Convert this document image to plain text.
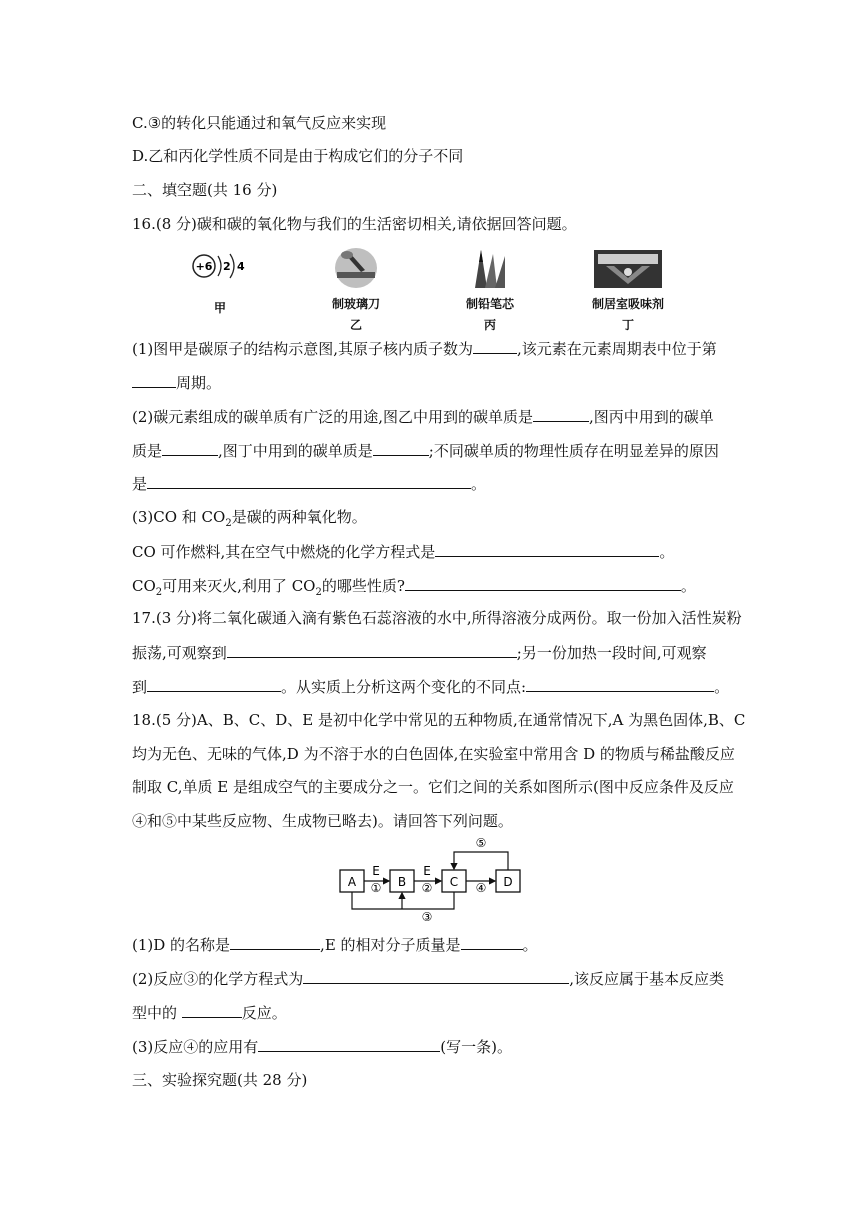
C.③的转化只能通过和氧气反应来实现
D.乙和丙化学性质不同是由于构成它们的分子不同
二、填空题(共 16 分)
16.(8 分)碳和碳的氧化物与我们的生活密切相关,请依据回答问题。
+6 2 4
甲	制玻璃刀
乙
制铅笔芯
丙
制居室吸味剂
丁
(1)图甲是碳原子的结构示意图,其原子核内质子数为	,该元素在元素周期表中位于第
周期。
(2)碳元素组成的碳单质有广泛的用途,图乙中用到的碳单质是	,图丙中用到的碳单
质是	,图丁中用到的碳单质是	;不同碳单质的物理性质存在明显差异的原因
是	。
(3)CO 和 $CO_2$是碳的两种氧化物。
CO 可作燃料,其在空气中燃烧的化学方程式是	。
$CO_2$可用来灭火,利用了 $CO_2$的哪些性质?	。
17.(3 分)将二氧化碳通入滴有紫色石蕊溶液的水中,所得溶液分成两份。取一份加入活性炭粉
振荡,可观察到	;另一份加热一段时间,可观察
到	。从实质上分析这两个变化的不同点:	。
18.(5 分)A、B、C、D、E 是初中化学中常见的五种物质,在通常情况下,A 为黑色固体,B、C
均为无色、无味的气体,D 为不溶于水的白色固体,在实验室中常用含 D 的物质与稀盐酸反应
制取 C,单质 E 是组成空气的主要成分之一。它们之间的关系如图所示(图中反应条件及反应
④和⑤中某些反应物、生成物已略去)。请回答下列问题。
A	B	C	D
E
①
E
②	④
⑤
③
(1)D 的名称是	,E 的相对分子质量是	。
(2)反应③的化学方程式为	,该反应属于基本反应类
型中的	反应。
(3)反应④的应用有	(写一条)。
三、实验探究题(共 28 分)
